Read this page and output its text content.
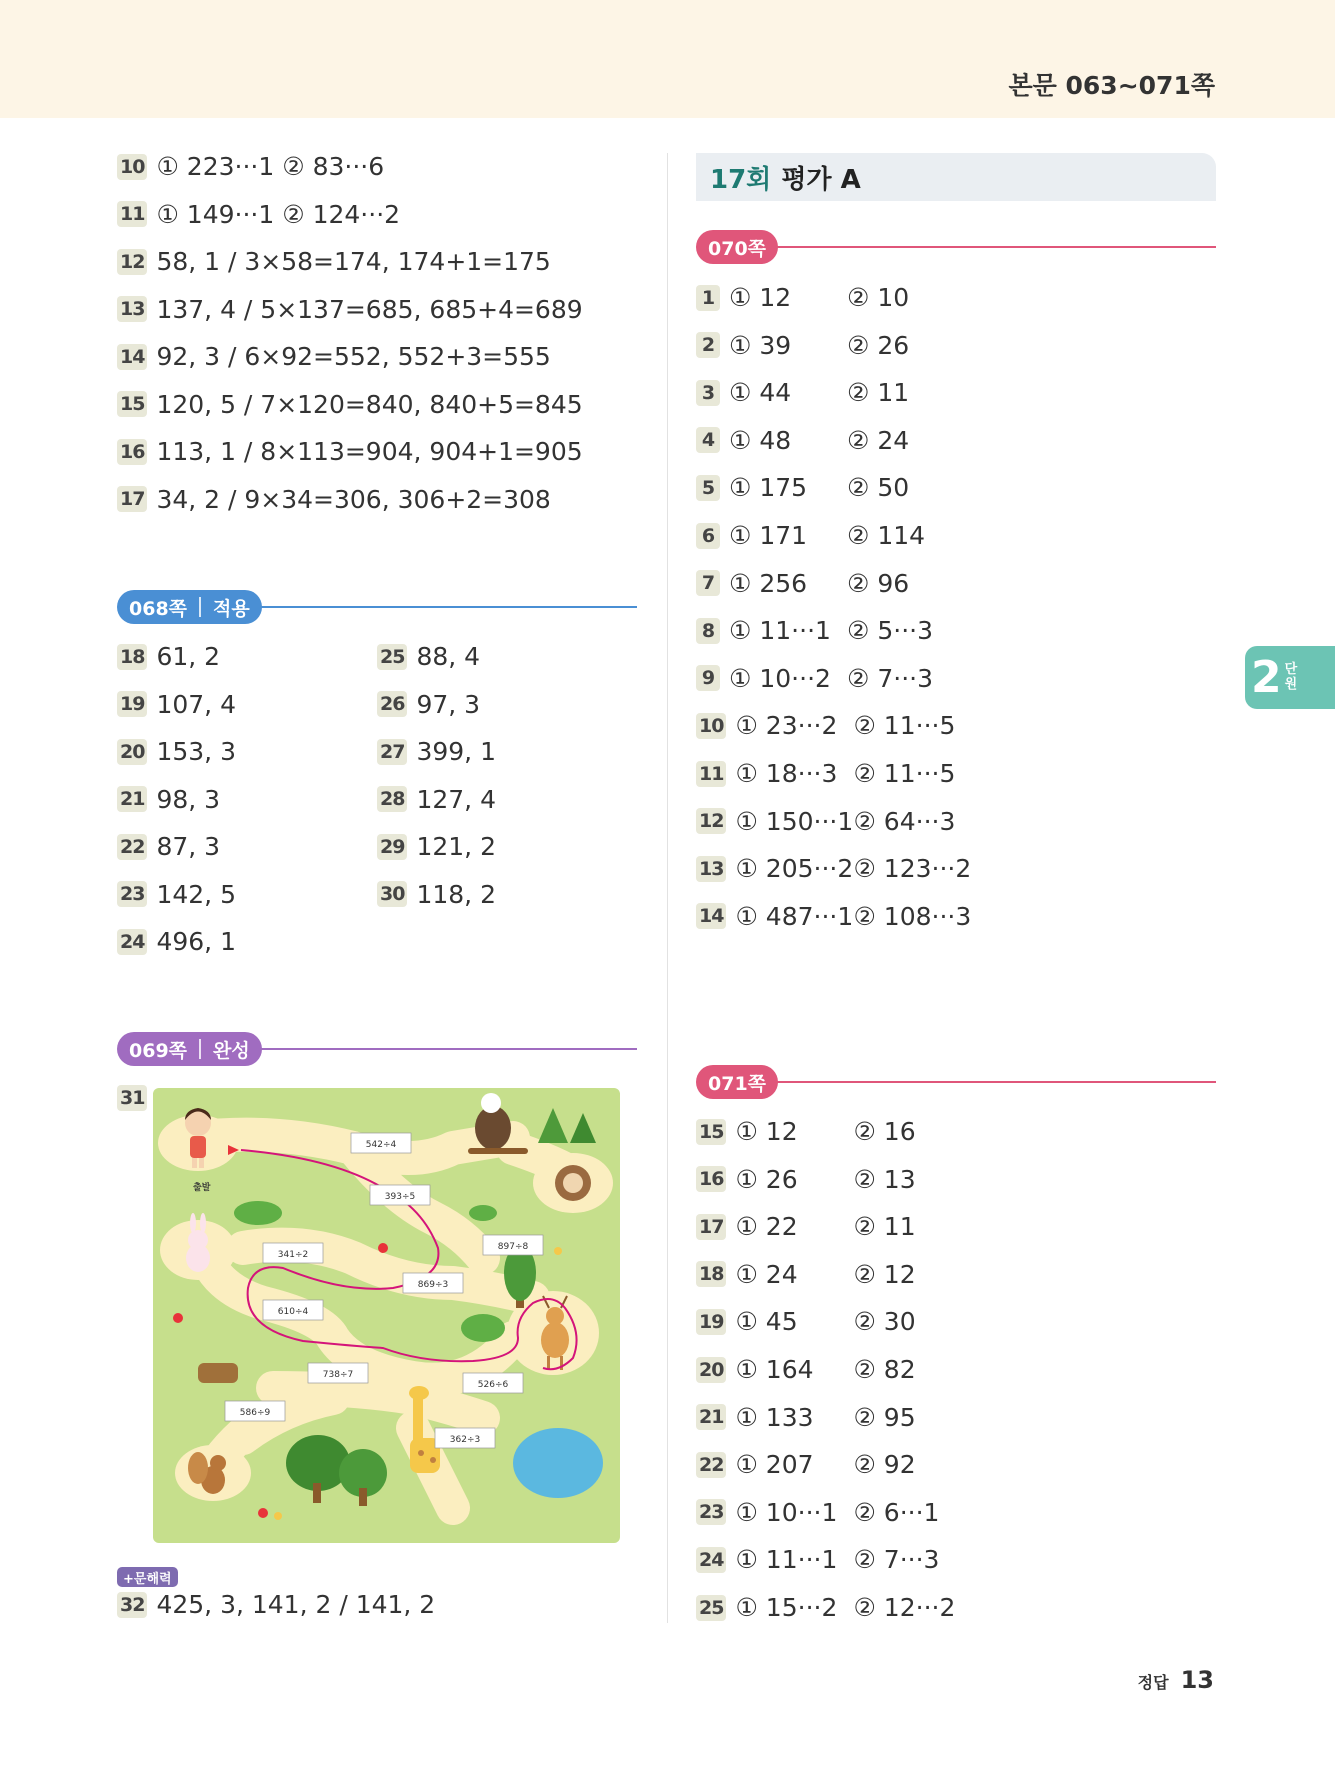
본문 063~071쪽
10 ① 223···1 ② 83···6
11 ① 149···1 ② 124···2
12 58, 1 / 3×58=174, 174+1=175
13 137, 4 / 5×137=685, 685+4=689
14 92, 3 / 6×92=552, 552+3=555
15 120, 5 / 7×120=840, 840+5=845
16 113, 1 / 8×113=904, 904+1=905
17 34, 2 / 9×34=306, 306+2=308
068쪽 적용
18 61, 2
19 107, 4
20 153, 3
21 98, 3
22 87, 3
23 142, 5
24 496, 1
25 88, 4
26 97, 3
27 399, 1
28 127, 4
29 121, 2
30 118, 2
069쪽 완성
31
출발
542÷4
393÷5
897÷8
341÷2
869÷3
610÷4
738÷7
526÷6
586÷9
362÷3
+문해력
32 425, 3, 141, 2 / 141, 2
17회 평가 A
070쪽
1 ① 12	② 10
2 ① 39	② 26
3 ① 44	② 11
4 ① 48	② 24
5 ① 175	② 50
6 ① 171	② 114
7 ① 256	② 96
8 ① 11···1 ② 5···3
9 ① 10···2 ② 7···3
10 ① 23···2 ② 11···5
11 ① 18···3 ② 11···5
12 ① 150···1 ② 64···3
13 ① 205···2 ② 123···2
14 ① 487···1 ② 108···3
071쪽
15 ① 12	② 16
16 ① 26	② 13
17 ① 22	② 11
18 ① 24	② 12
19 ① 45	② 30
20 ① 164	② 82
21 ① 133	② 95
22 ① 207	② 92
23 ① 10···1 ② 6···1
24 ① 11···1 ② 7···3
25 ① 15···2 ② 12···2
2 단
원
정답 13
